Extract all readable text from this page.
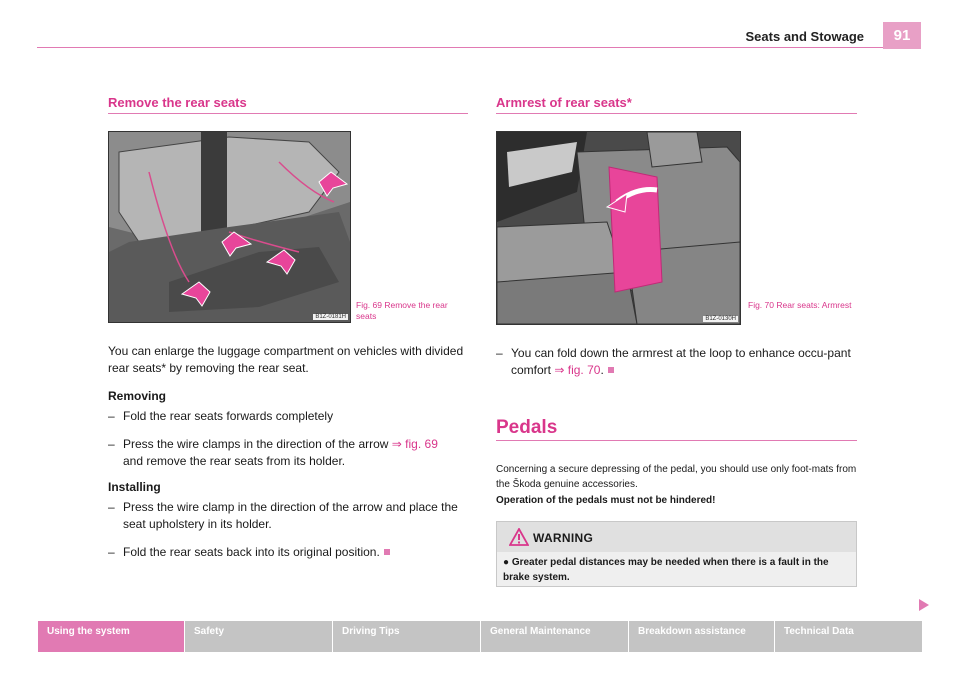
Seats and Stowage	91
Remove the rear seats
B1Z-0181H
Fig. 69 Remove the rear seats
You can enlarge the luggage compartment on vehicles with divided rear seats* by removing the rear seat.
Removing
– Fold the rear seats forwards completely
– Press the wire clamps in the direction of the arrow ⇒ fig. 69
and remove the rear seats from its holder.
Installing
– Press the wire clamp in the direction of the arrow and place the seat upholstery in its holder.
– Fold the rear seats back into its original position.
Armrest of rear seats*
B1Z-0130H
Fig. 70 Rear seats: Armrest
– You can fold down the armrest at the loop to enhance occu-pant comfort ⇒ fig. 70.
Pedals
Concerning a secure depressing of the pedal, you should use only foot-mats from the Škoda genuine accessories.
Operation of the pedals must not be hindered!
WARNING
● Greater pedal distances may be needed when there is a fault in the brake system.
Using the system	Safety	Driving Tips	General Maintenance	Breakdown assistance	Technical Data
